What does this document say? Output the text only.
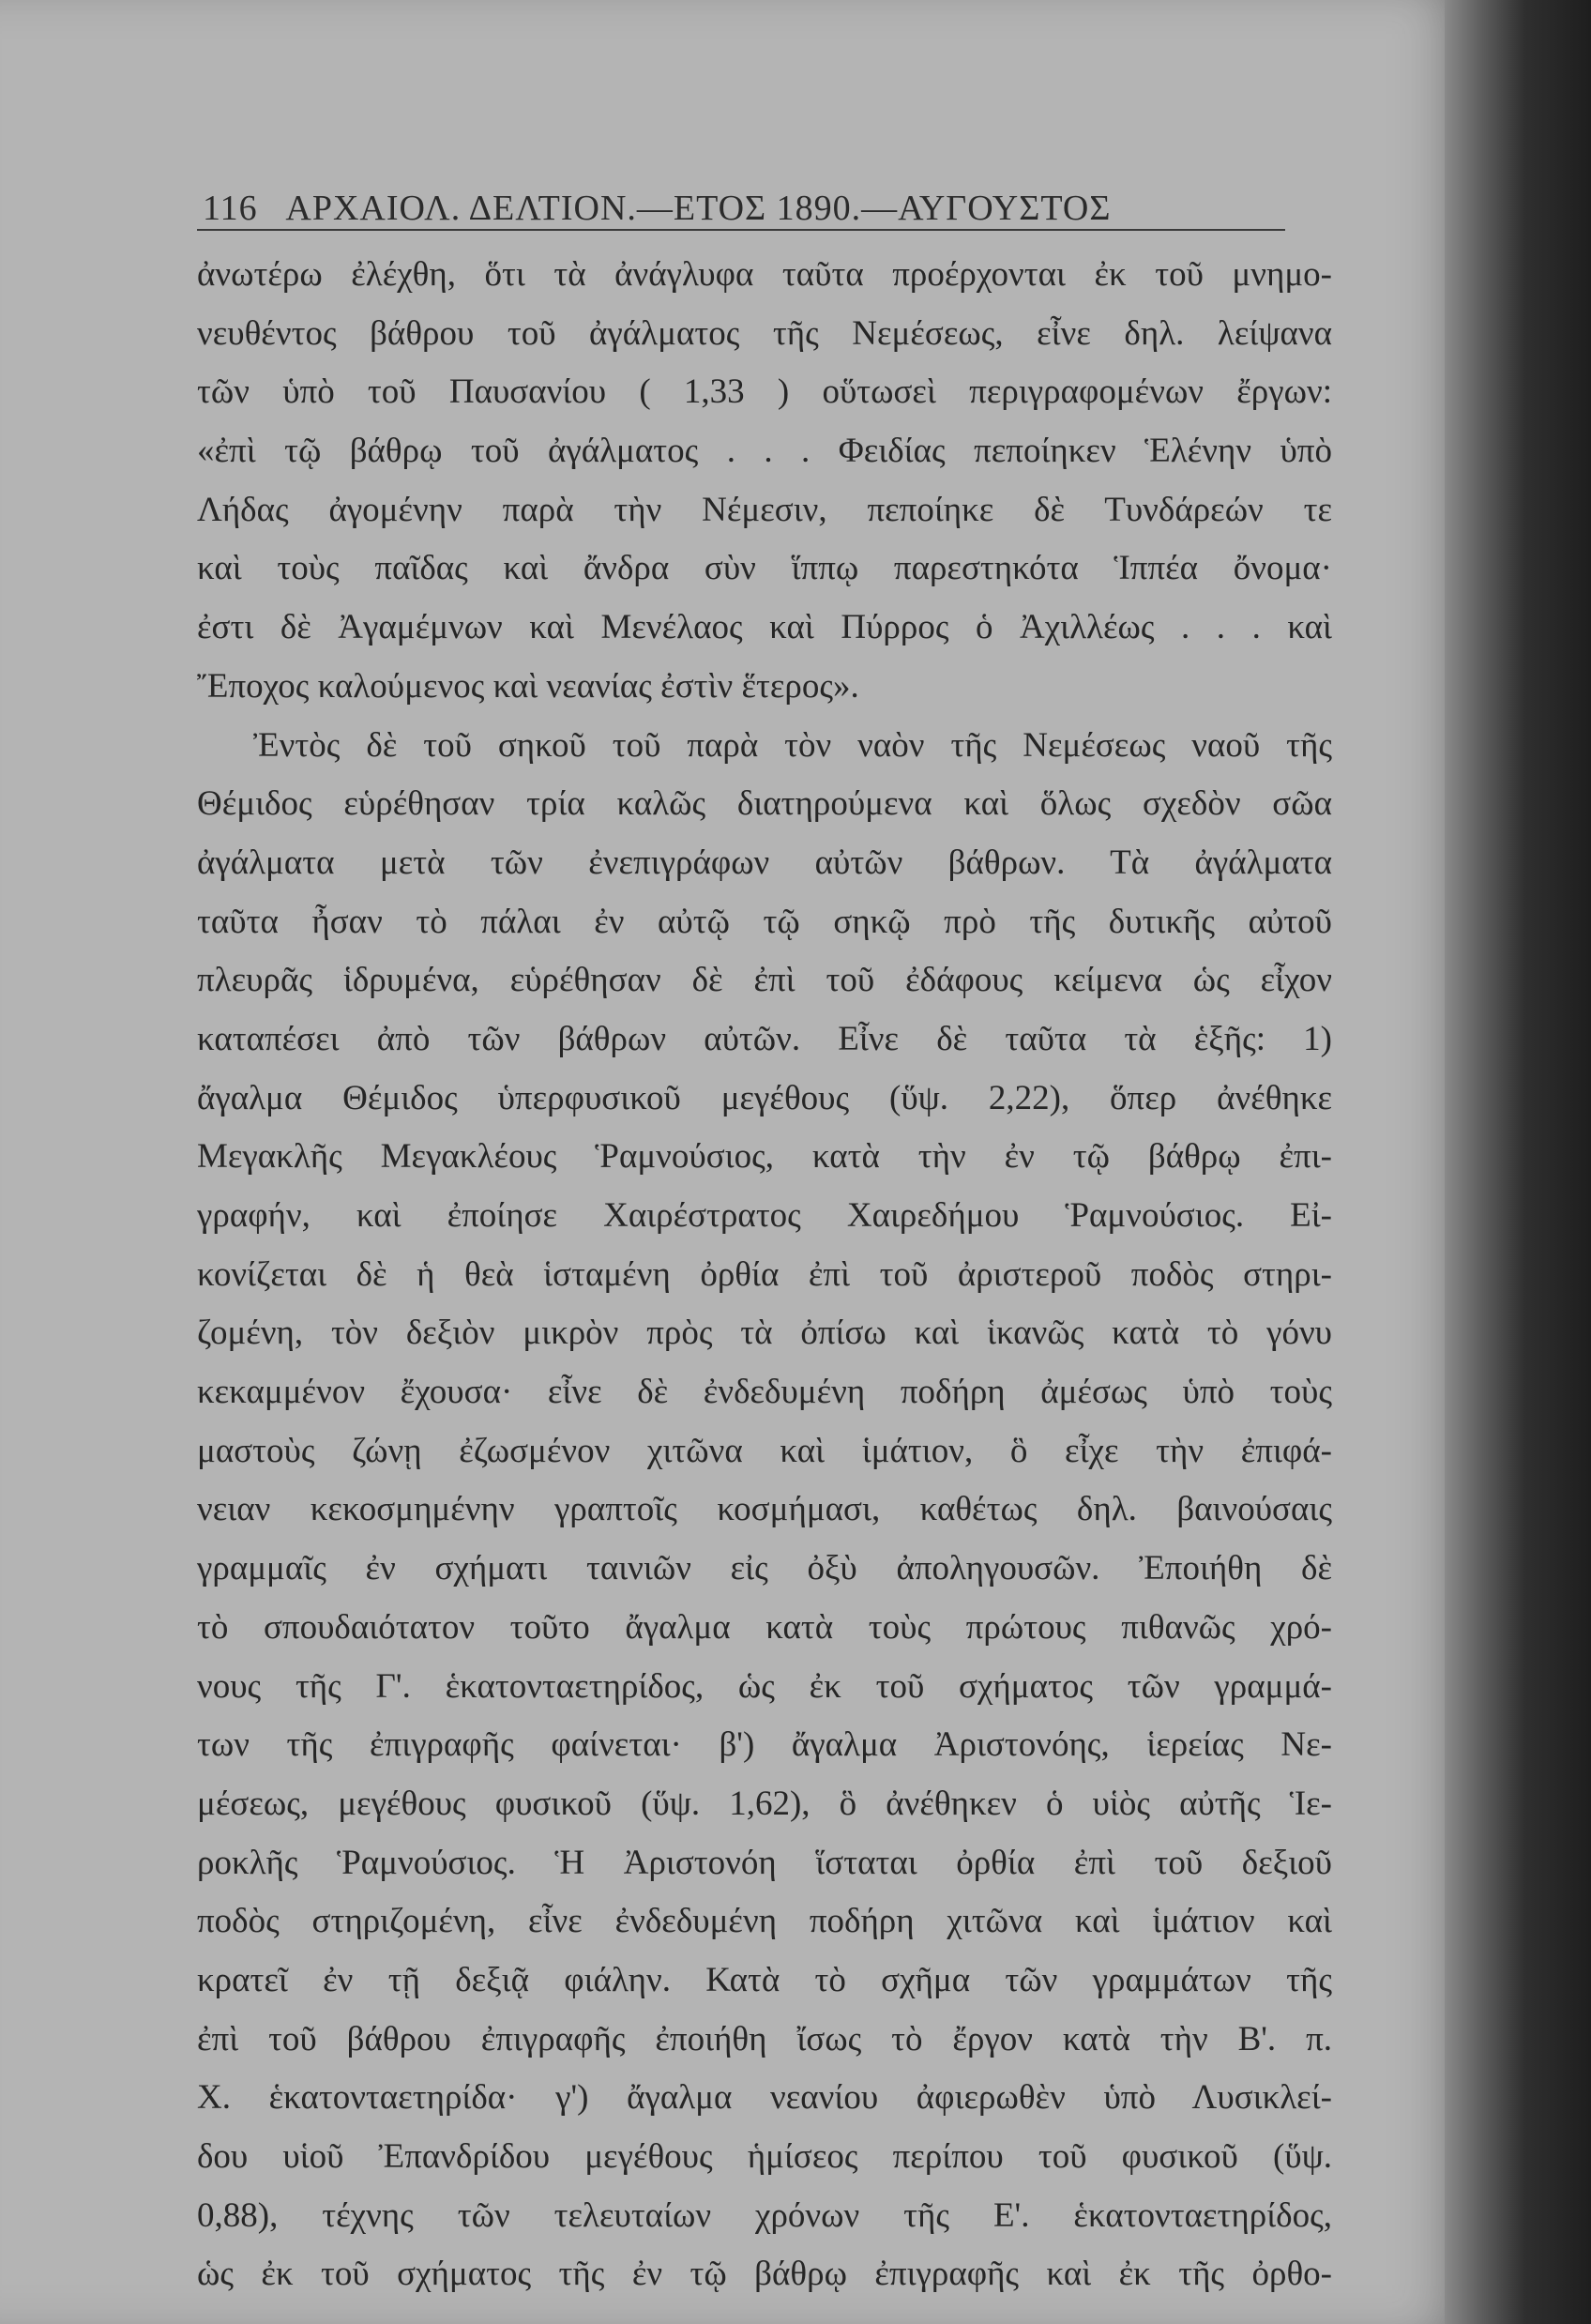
116 ΑΡΧΑΙΟΛ. ΔΕΛΤΙΟΝ.—ΕΤΟΣ 1890.—ΑΥΓΟΥΣΤΟΣ
ἀνωτέρω ἐλέχθη, ὅτι τὰ ἀνάγλυφα ταῦτα προέρχονται ἐκ τοῦ μνημο-
νευθέντος βάθρου τοῦ ἀγάλματος τῆς Νεμέσεως, εἶνε δηλ. λείψανα
τῶν ὑπὸ τοῦ Παυσανίου ( 1,33 ) οὕτωσεὶ περιγραφομένων ἔργων:
«ἐπὶ τῷ βάθρῳ τοῦ ἀγάλματος . . . Φειδίας πεποίηκεν Ἑλένην ὑπὸ
Λήδας ἀγομένην παρὰ τὴν Νέμεσιν, πεποίηκε δὲ Τυνδάρεών τε
καὶ τοὺς παῖδας καὶ ἄνδρα σὺν ἵππῳ παρεστηκότα Ἱππέα ὄνομα·
ἐστι δὲ Ἀγαμέμνων καὶ Μενέλαος καὶ Πύρρος ὁ Ἀχιλλέως . . . καὶ
Ἔποχος καλούμενος καὶ νεανίας ἐστὶν ἕτερος».
Ἐντὸς δὲ τοῦ σηκοῦ τοῦ παρὰ τὸν ναὸν τῆς Νεμέσεως ναοῦ τῆς
Θέμιδος εὑρέθησαν τρία καλῶς διατηρούμενα καὶ ὅλως σχεδὸν σῶα
ἀγάλματα μετὰ τῶν ἐνεπιγράφων αὐτῶν βάθρων. Τὰ ἀγάλματα
ταῦτα ἦσαν τὸ πάλαι ἐν αὐτῷ τῷ σηκῷ πρὸ τῆς δυτικῆς αὐτοῦ
πλευρᾶς ἱδρυμένα, εὑρέθησαν δὲ ἐπὶ τοῦ ἐδάφους κείμενα ὡς εἶχον
καταπέσει ἀπὸ τῶν βάθρων αὐτῶν. Εἶνε δὲ ταῦτα τὰ ἑξῆς: 1)
ἄγαλμα Θέμιδος ὑπερφυσικοῦ μεγέθους (ὕψ. 2,22), ὅπερ ἀνέθηκε
Μεγακλῆς Μεγακλέους Ῥαμνούσιος, κατὰ τὴν ἐν τῷ βάθρῳ ἐπι-
γραφήν, καὶ ἐποίησε Χαιρέστρατος Χαιρεδήμου Ῥαμνούσιος. Εἰ-
κονίζεται δὲ ἡ θεὰ ἱσταμένη ὀρθία ἐπὶ τοῦ ἀριστεροῦ ποδὸς στηρι-
ζομένη, τὸν δεξιὸν μικρὸν πρὸς τὰ ὀπίσω καὶ ἱκανῶς κατὰ τὸ γόνυ
κεκαμμένον ἔχουσα· εἶνε δὲ ἐνδεδυμένη ποδήρη ἀμέσως ὑπὸ τοὺς
μαστοὺς ζώνῃ ἐζωσμένον χιτῶνα καὶ ἱμάτιον, ὃ εἶχε τὴν ἐπιφά-
νειαν κεκοσμημένην γραπτοῖς κοσμήμασι, καθέτως δηλ. βαινούσαις
γραμμαῖς ἐν σχήματι ταινιῶν εἰς ὀξὺ ἀποληγουσῶν. Ἐποιήθη δὲ
τὸ σπουδαιότατον τοῦτο ἄγαλμα κατὰ τοὺς πρώτους πιθανῶς χρό-
νους τῆς Γ'. ἑκατονταετηρίδος, ὡς ἐκ τοῦ σχήματος τῶν γραμμά-
των τῆς ἐπιγραφῆς φαίνεται· β') ἄγαλμα Ἀριστονόης, ἱερείας Νε-
μέσεως, μεγέθους φυσικοῦ (ὕψ. 1,62), ὃ ἀνέθηκεν ὁ υἱὸς αὐτῆς Ἱε-
ροκλῆς Ῥαμνούσιος. Ἡ Ἀριστονόη ἵσταται ὀρθία ἐπὶ τοῦ δεξιοῦ
ποδὸς στηριζομένη, εἶνε ἐνδεδυμένη ποδήρη χιτῶνα καὶ ἱμάτιον καὶ
κρατεῖ ἐν τῇ δεξιᾷ φιάλην. Κατὰ τὸ σχῆμα τῶν γραμμάτων τῆς
ἐπὶ τοῦ βάθρου ἐπιγραφῆς ἐποιήθη ἴσως τὸ ἔργον κατὰ τὴν Β'. π.
Χ. ἑκατονταετηρίδα· γ') ἄγαλμα νεανίου ἀφιερωθὲν ὑπὸ Λυσικλεί-
δου υἱοῦ Ἐπανδρίδου μεγέθους ἡμίσεος περίπου τοῦ φυσικοῦ (ὕψ.
0,88), τέχνης τῶν τελευταίων χρόνων τῆς Ε'. ἑκατονταετηρίδος,
ὡς ἐκ τοῦ σχήματος τῆς ἐν τῷ βάθρῳ ἐπιγραφῆς καὶ ἐκ τῆς ὀρθο-
